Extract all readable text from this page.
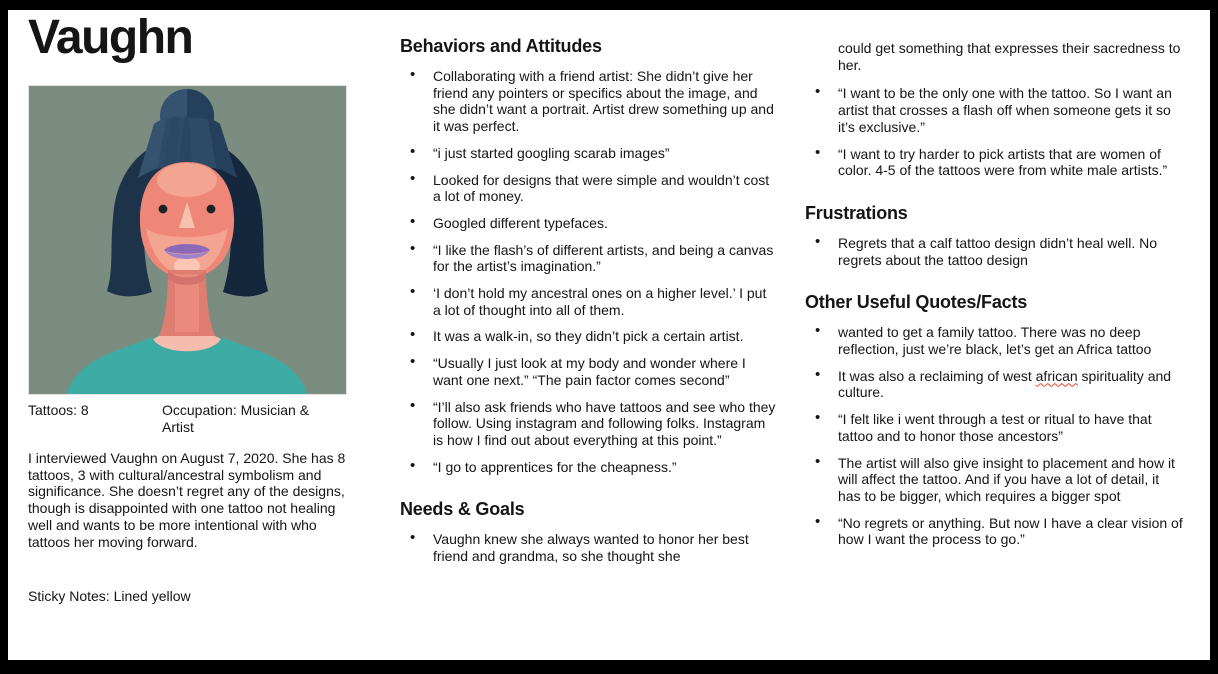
Vaughn
Tattoos: 8	Occupation: Musician & Artist
I interviewed Vaughn on August 7, 2020. She has 8 tattoos, 3 with cultural/ancestral symbolism and significance. She doesn’t regret any of the designs, though is disappointed with one tattoo not healing well and wants to be more intentional with who tattoos her moving forward.
Sticky Notes: Lined yellow
Behaviors and Attitudes
• Collaborating with a friend artist: She didn’t give her friend any pointers or specifics about the image, and she didn’t want a portrait. Artist drew something up and it was perfect.
• “i just started googling scarab images”
• Looked for designs that were simple and wouldn’t cost a lot of money.
• Googled different typefaces.
• “I like the flash’s of different artists, and being a canvas for the artist’s imagination.”
• ‘I don’t hold my ancestral ones on a higher level.’ I put a lot of thought into all of them.
• It was a walk-in, so they didn’t pick a certain artist.
• “Usually I just look at my body and wonder where I want one next.” “The pain factor comes second”
• “I’ll also ask friends who have tattoos and see who they follow. Using instagram and following folks. Instagram is how I find out about everything at this point.”
• “I go to apprentices for the cheapness.”
Needs & Goals
• Vaughn knew she always wanted to honor her best friend and grandma, so she thought she

could get something that expresses their sacredness to her.

• “I want to be the only one with the tattoo. So I want an artist that crosses a flash off when someone gets it so it’s exclusive.”
• “I want to try harder to pick artists that are women of color. 4-5 of the tattoos were from white male artists.”
Frustrations
• Regrets that a calf tattoo design didn’t heal well. No regrets about the tattoo design
Other Useful Quotes/Facts
• wanted to get a family tattoo. There was no deep reflection, just we’re black, let’s get an Africa tattoo
• It was also a reclaiming of west african spirituality and culture.
• “I felt like i went through a test or ritual to have that tattoo and to honor those ancestors”
• The artist will also give insight to placement and how it will affect the tattoo. And if you have a lot of detail, it has to be bigger, which requires a bigger spot
• “No regrets or anything. But now I have a clear vision of how I want the process to go.”
